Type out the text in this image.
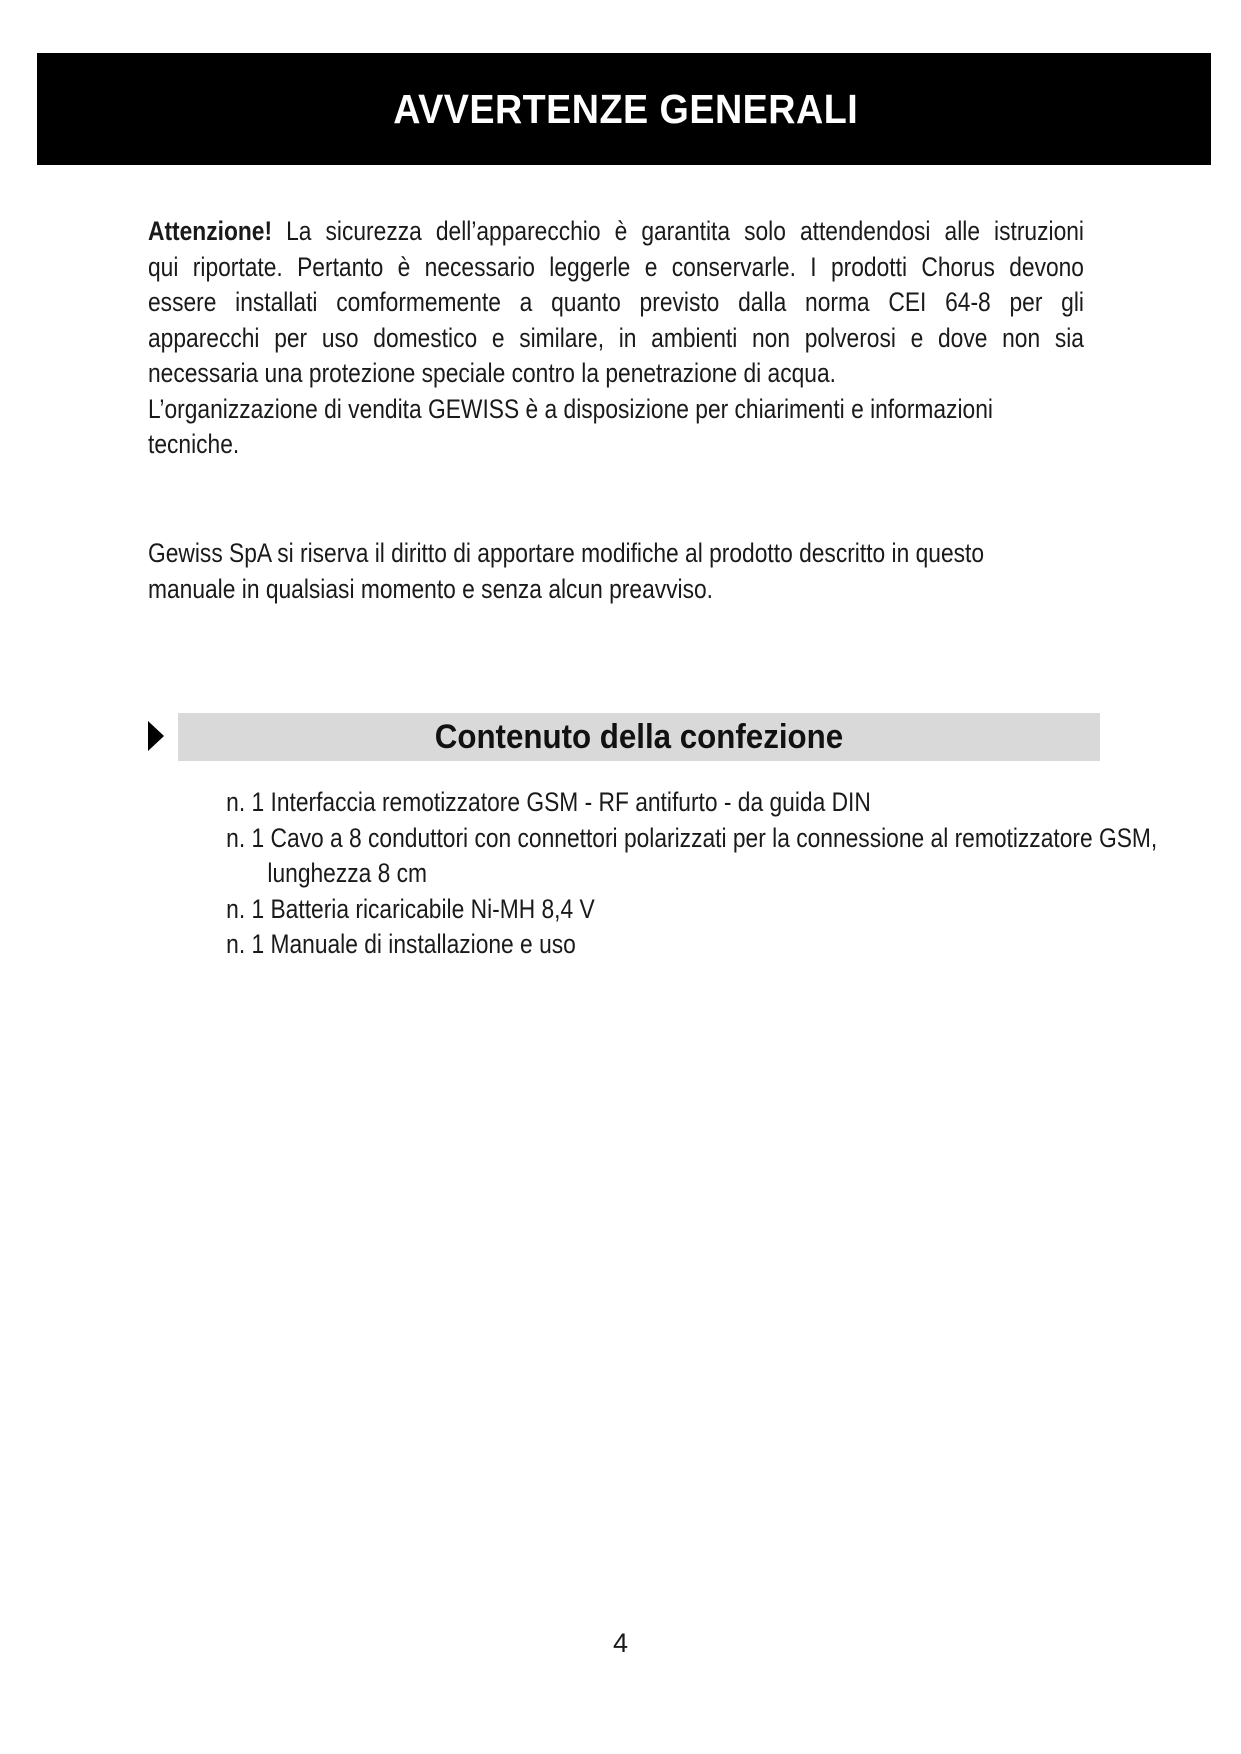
AVVERTENZE GENERALI
Attenzione! La sicurezza dell’apparecchio è garantita solo attendendosi alle istruzioni
qui riportate. Pertanto è necessario leggerle e conservarle. I prodotti Chorus devono
essere installati comformemente a quanto previsto dalla norma CEI 64-8 per gli
apparecchi per uso domestico e similare, in ambienti non polverosi e dove non sia
necessaria una protezione speciale contro la penetrazione di acqua.
L’organizzazione di vendita GEWISS è a disposizione per chiarimenti e informazioni
tecniche.
Gewiss SpA si riserva il diritto di apportare modifiche al prodotto descritto in questo
manuale in qualsiasi momento e senza alcun preavviso.
Contenuto della confezione
n. 1 Interfaccia remotizzatore GSM - RF antifurto - da guida DIN
n. 1 Cavo a 8 conduttori con connettori polarizzati per la connessione al remotizzatore GSM, lunghezza 8 cm
n. 1 Batteria ricaricabile Ni-MH 8,4 V
n. 1 Manuale di installazione e uso
4
